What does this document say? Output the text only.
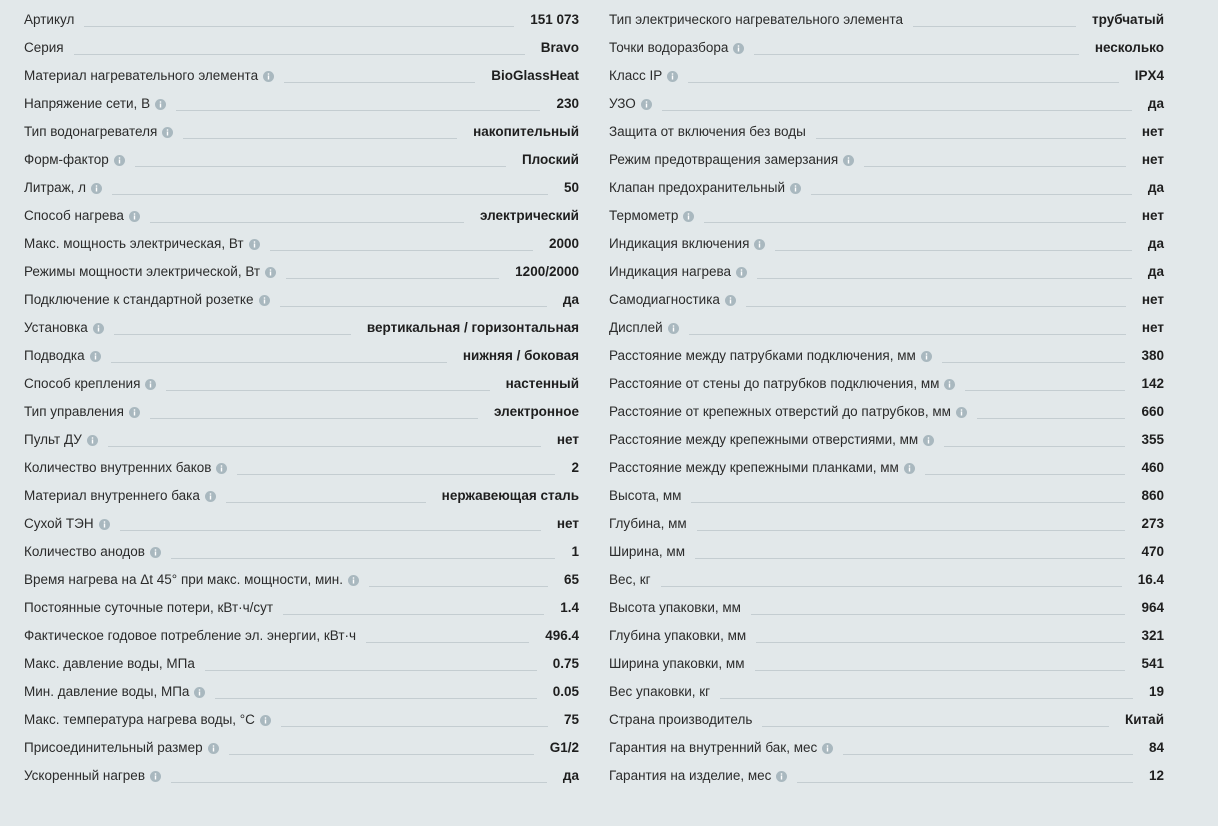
Артикул	151 073
Серия	Bravo
Материал нагревательного элемента	BioGlassHeat
Напряжение сети, В	230
Тип водонагревателя	накопительный
Форм-фактор	Плоский
Литраж, л	50
Способ нагрева	электрический
Макс. мощность электрическая, Вт	2000
Режимы мощности электрической, Вт	1200/2000
Подключение к стандартной розетке	да
Установка	вертикальная / горизонтальная
Подводка	нижняя / боковая
Способ крепления	настенный
Тип управления	электронное
Пульт ДУ	нет
Количество внутренних баков	2
Материал внутреннего бака	нержавеющая сталь
Сухой ТЭН	нет
Количество анодов	1
Время нагрева на Δt 45° при макс. мощности, мин.	65
Постоянные суточные потери, кВт·ч/сут	1.4
Фактическое годовое потребление эл. энергии, кВт·ч	496.4
Макс. давление воды, МПа	0.75
Мин. давление воды, МПа	0.05
Макс. температура нагрева воды, °С	75
Присоединительный размер	G1/2
Ускоренный нагрев	да
Тип электрического нагревательного элемента	трубчатый
Точки водоразбора	несколько
Класс IP	IPX4
УЗО	да
Защита от включения без воды	нет
Режим предотвращения замерзания	нет
Клапан предохранительный	да
Термометр	нет
Индикация включения	да
Индикация нагрева	да
Самодиагностика	нет
Дисплей	нет
Расстояние между патрубками подключения, мм	380
Расстояние от стены до патрубков подключения, мм	142
Расстояние от крепежных отверстий до патрубков, мм	660
Расстояние между крепежными отверстиями, мм	355
Расстояние между крепежными планками, мм	460
Высота, мм	860
Глубина, мм	273
Ширина, мм	470
Вес, кг	16.4
Высота упаковки, мм	964
Глубина упаковки, мм	321
Ширина упаковки, мм	541
Вес упаковки, кг	19
Страна производитель	Китай
Гарантия на внутренний бак, мес	84
Гарантия на изделие, мес	12
